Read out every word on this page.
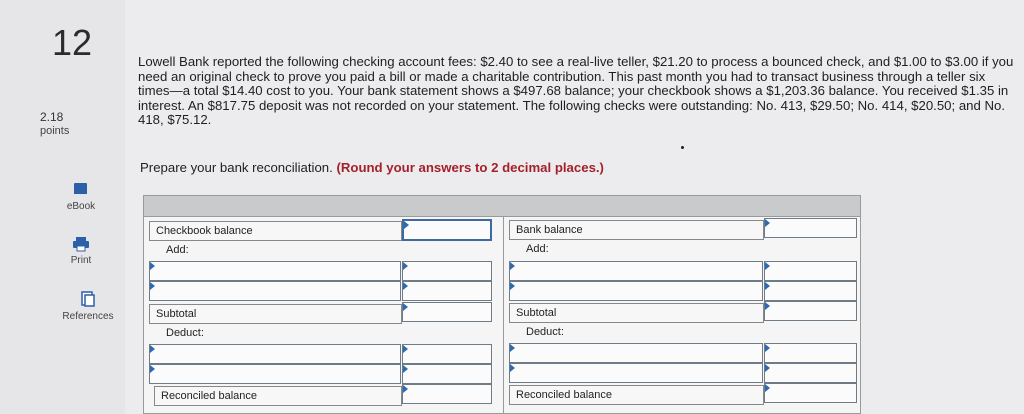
12
2.18
points
eBook
Print
References
Lowell Bank reported the following checking account fees: $2.40 to see a real-live teller, $21.20 to process a bounced check, and $1.00 to $3.00 if you need an original check to prove you paid a bill or made a charitable contribution. This past month you had to transact business through a teller six times—a total $14.40 cost to you. Your bank statement shows a $497.68 balance; your checkbook shows a $1,203.36 balance. You received $1.35 in interest. An $817.75 deposit was not recorded on your statement. The following checks were outstanding: No. 413, $29.50; No. 414, $20.50; and No. 418, $75.12.
Prepare your bank reconciliation. (Round your answers to 2 decimal places.)
Checkbook balance
Add:
Subtotal
Deduct:
Reconciled balance
Bank balance
Add:
Subtotal
Deduct:
Reconciled balance
